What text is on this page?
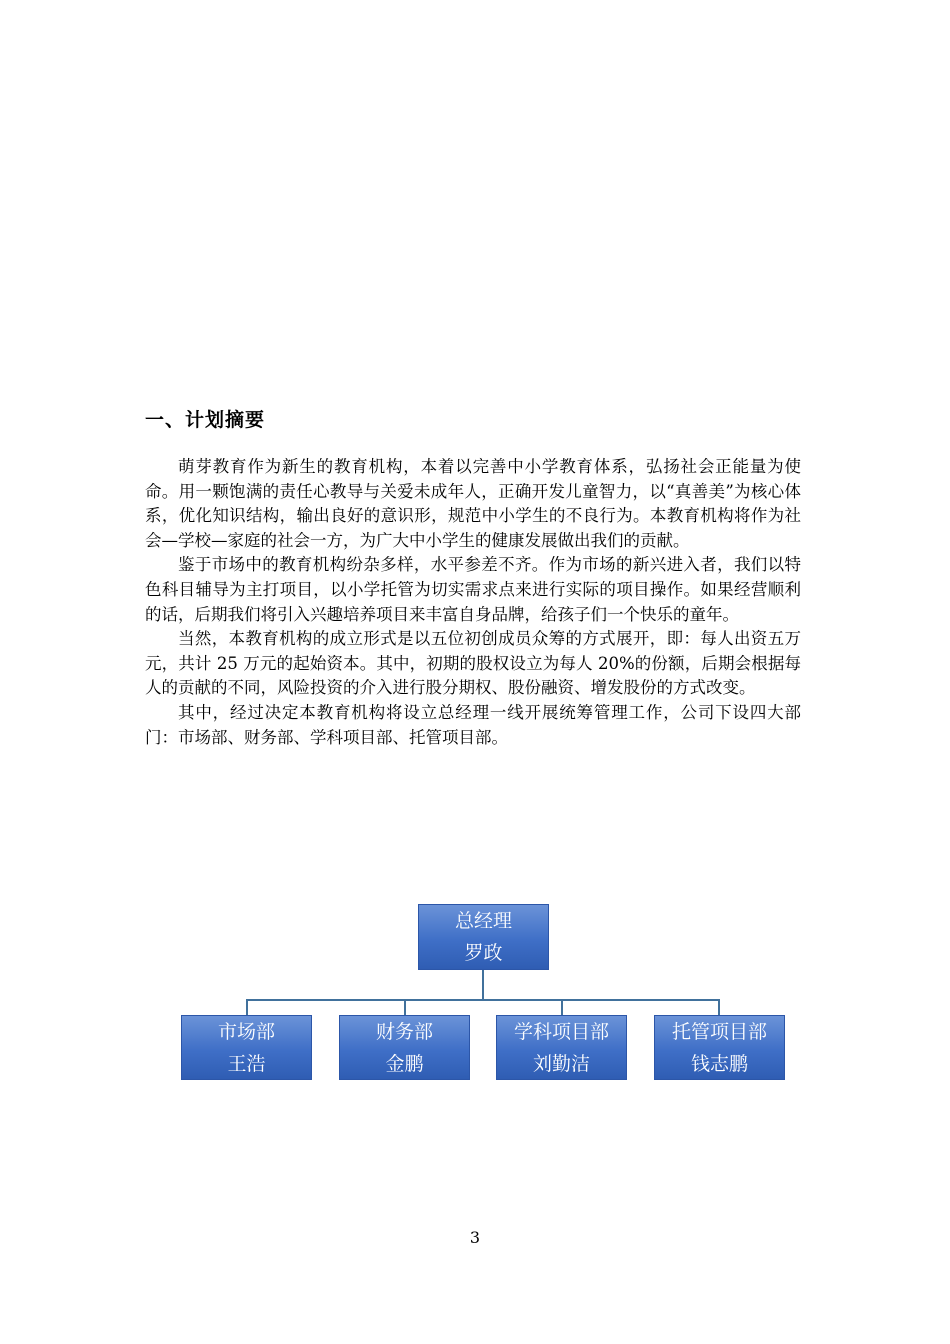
一、计划摘要

萌芽教育作为新生的教育机构，本着以完善中小学教育体系，弘扬社会正能量为使命。用一颗饱满的责任心教导与关爱未成年人，正确开发儿童智力，以“真善美”为核心体系，优化知识结构，输出良好的意识形，规范中小学生的不良行为。本教育机构将作为社会—学校—家庭的社会一方，为广大中小学生的健康发展做出我们的贡献。

鉴于市场中的教育机构纷杂多样，水平参差不齐。作为市场的新兴进入者，我们以特色科目辅导为主打项目，以小学托管为切实需求点来进行实际的项目操作。如果经营顺利的话，后期我们将引入兴趣培养项目来丰富自身品牌，给孩子们一个快乐的童年。

当然，本教育机构的成立形式是以五位初创成员众筹的方式展开，即：每人出资五万元，共计 25 万元的起始资本。其中，初期的股权设立为每人 20%的份额，后期会根据每人的贡献的不同，风险投资的介入进行股分期权、股份融资、增发股份的方式改变。

其中，经过决定本教育机构将设立总经理一线开展统筹管理工作，公司下设四大部门：市场部、财务部、学科项目部、托管项目部。

总经理
罗政
市场部
王浩
财务部
金鹏
学科项目部
刘勤洁
托管项目部
钱志鹏
3
